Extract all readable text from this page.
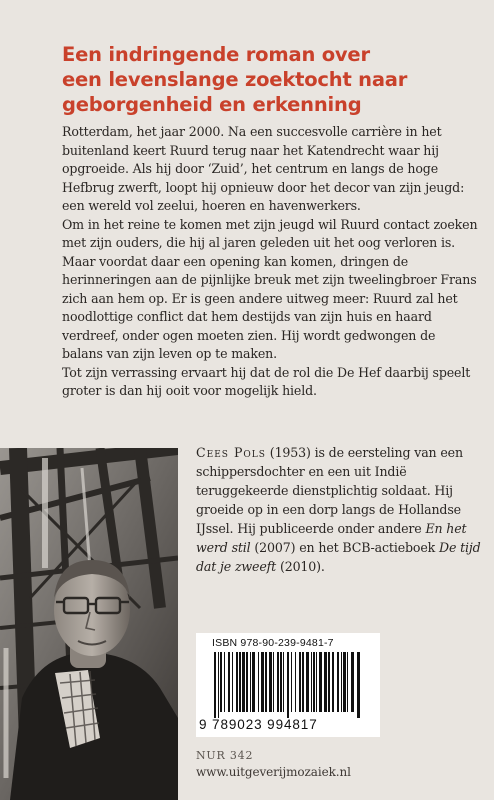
Een indringende roman over
een levenslange zoektocht naar
geborgenheid en erkenning

Rotterdam, het jaar 2000. Na een succesvolle carrière in het buitenland keert Ruurd terug naar het Katendrecht waar hij opgroeide. Als hij door ‘Zuid’, het centrum en langs de hoge Hefbrug zwerft, loopt hij opnieuw door het decor van zijn jeugd: een wereld vol zeelui, hoeren en havenwerkers.

Om in het reine te komen met zijn jeugd wil Ruurd contact zoeken met zijn ouders, die hij al jaren geleden uit het oog verloren is. Maar voordat daar een opening kan komen, dringen de herinneringen aan de pijnlijke breuk met zijn tweelingbroer Frans zich aan hem op. Er is geen andere uitweg meer: Ruurd zal het noodlottige conflict dat hem destijds van zijn huis en haard verdreef, onder ogen moeten zien. Hij wordt gedwongen de balans van zijn leven op te maken.

Tot zijn verrassing ervaart hij dat de rol die De Hef daarbij speelt groter is dan hij ooit voor mogelijk hield.

Cees Pols (1953) is de eersteling van een schippersdochter en een uit Indië teruggekeerde dienstplichtig soldaat. Hij groeide op in een dorp langs de Hollandse IJssel. Hij publiceerde onder andere En het werd stil (2007) en het BCB-actieboek De tijd dat je zweeft (2010).
ISBN 978-90-239-9481-7
9 789023 994817
NUR 342
www.uitgeverijmozaiek.nl
